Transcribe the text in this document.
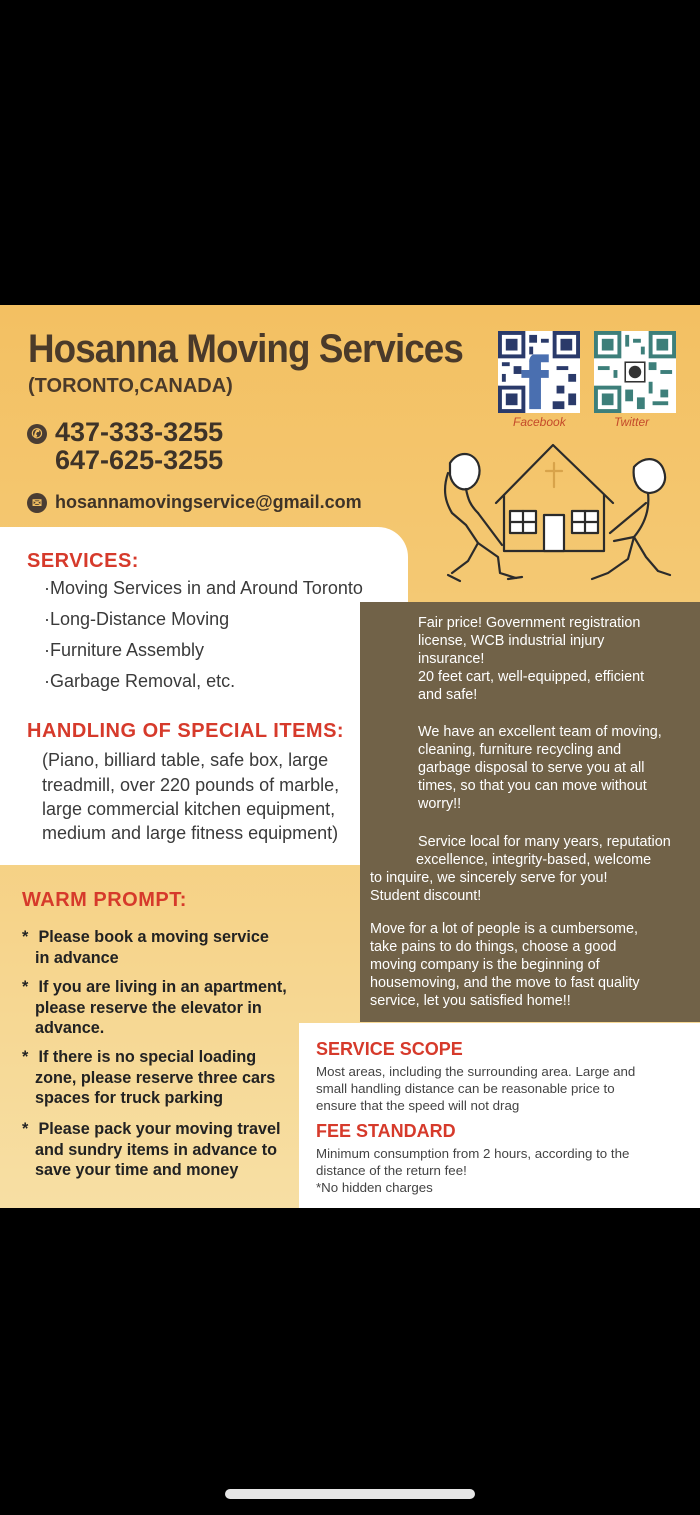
Hosanna Moving Services
(TORONTO,CANADA)
✆ 437-333-3255
647-625-3255
✉ hosannamovingservice@gmail.com
Facebook	Twitter
SERVICES:
·Moving Services in and Around Toronto
·Long-Distance Moving
·Furniture Assembly
·Garbage Removal, etc.
HANDLING OF SPECIAL ITEMS:
(Piano, billiard table, safe box, large
treadmill, over 220 pounds of marble,
large commercial kitchen equipment,
medium and large fitness equipment)
Fair price! Government registration
license, WCB industrial injury
insurance!
20 feet cart, well-equipped, efficient
and safe!
We have an excellent team of moving,
cleaning, furniture recycling and
garbage disposal to serve you at all
times, so that you can move without
worry!!
Service local for many years, reputation
excellence, integrity-based, welcome
to inquire, we sincerely serve for you!
Student discount!
Move for a lot of people is a cumbersome,
take pains to do things, choose a good
moving company is the beginning of
housemoving, and the move to fast quality
service, let you satisfied home!!
WARM PROMPT:
* Please book a moving service
in advance
* If you are living in an apartment,
please reserve the elevator in
advance.
* If there is no special loading
zone, please reserve three cars
spaces for truck parking
* Please pack your moving travel
and sundry items in advance to
save your time and money
SERVICE SCOPE
Most areas, including the surrounding area. Large and
small handling distance can be reasonable price to
ensure that the speed will not drag
FEE STANDARD
Minimum consumption from 2 hours, according to the
distance of the return fee!
*No hidden charges
